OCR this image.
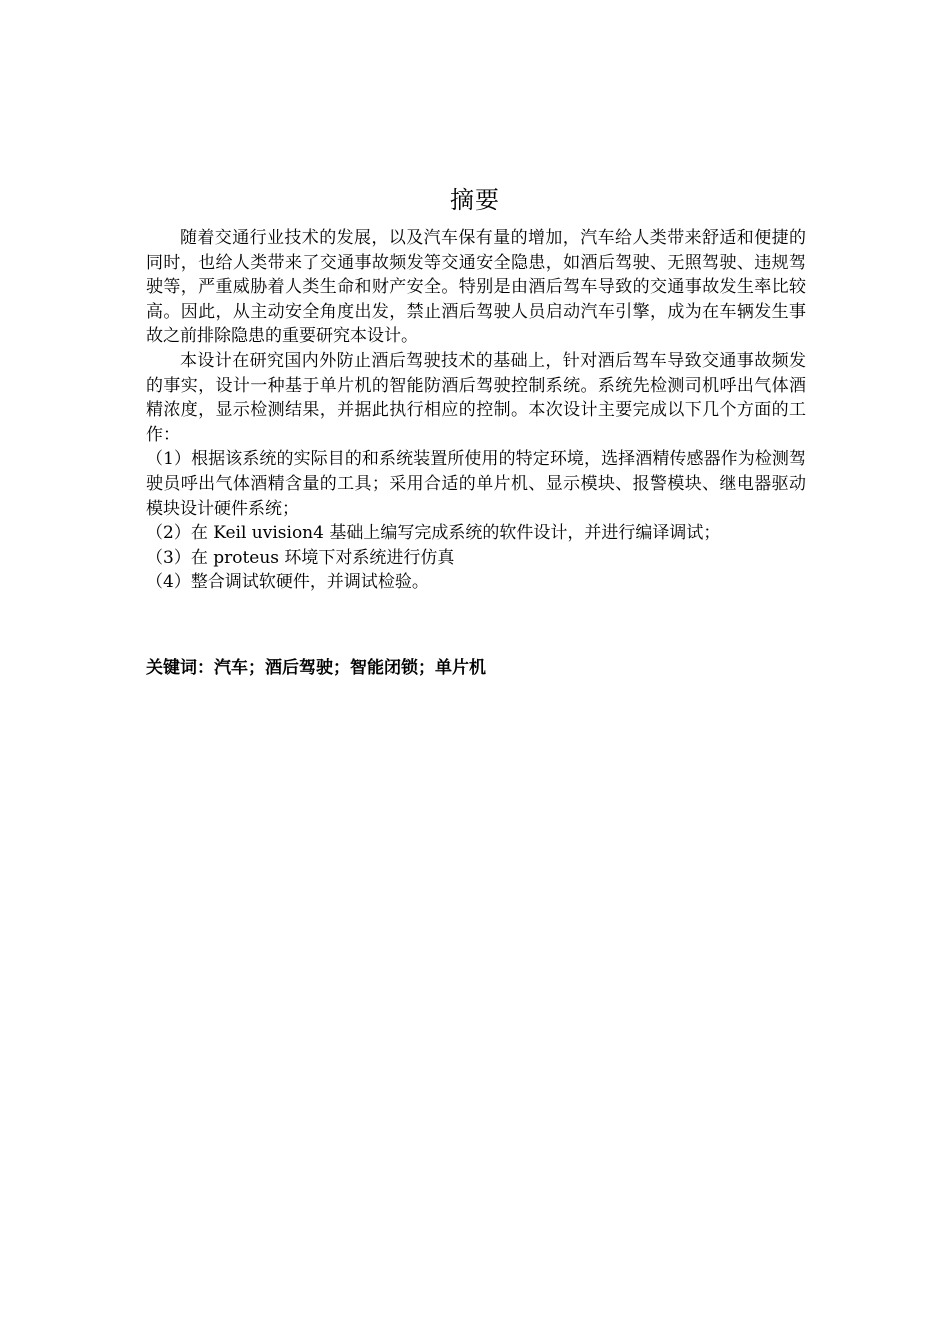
摘要

随着交通行业技术的发展，以及汽车保有量的增加，汽车给人类带来舒适和便捷的同时，也给人类带来了交通事故频发等交通安全隐患，如酒后驾驶、无照驾驶、违规驾驶等，严重威胁着人类生命和财产安全。特别是由酒后驾车导致的交通事故发生率比较高。因此，从主动安全角度出发，禁止酒后驾驶人员启动汽车引擎，成为在车辆发生事故之前排除隐患的重要研究本设计。

本设计在研究国内外防止酒后驾驶技术的基础上，针对酒后驾车导致交通事故频发的事实，设计一种基于单片机的智能防酒后驾驶控制系统。系统先检测司机呼出气体酒精浓度，显示检测结果，并据此执行相应的控制。本次设计主要完成以下几个方面的工作：

（1）根据该系统的实际目的和系统装置所使用的特定环境，选择酒精传感器作为检测驾驶员呼出气体酒精含量的工具；采用合适的单片机、显示模块、报警模块、继电器驱动模块设计硬件系统；

（2）在 Keil uvision4 基础上编写完成系统的软件设计，并进行编译调试；

（3）在 proteus 环境下对系统进行仿真

（4）整合调试软硬件，并调试检验。

关键词：汽车；酒后驾驶；智能闭锁；单片机
